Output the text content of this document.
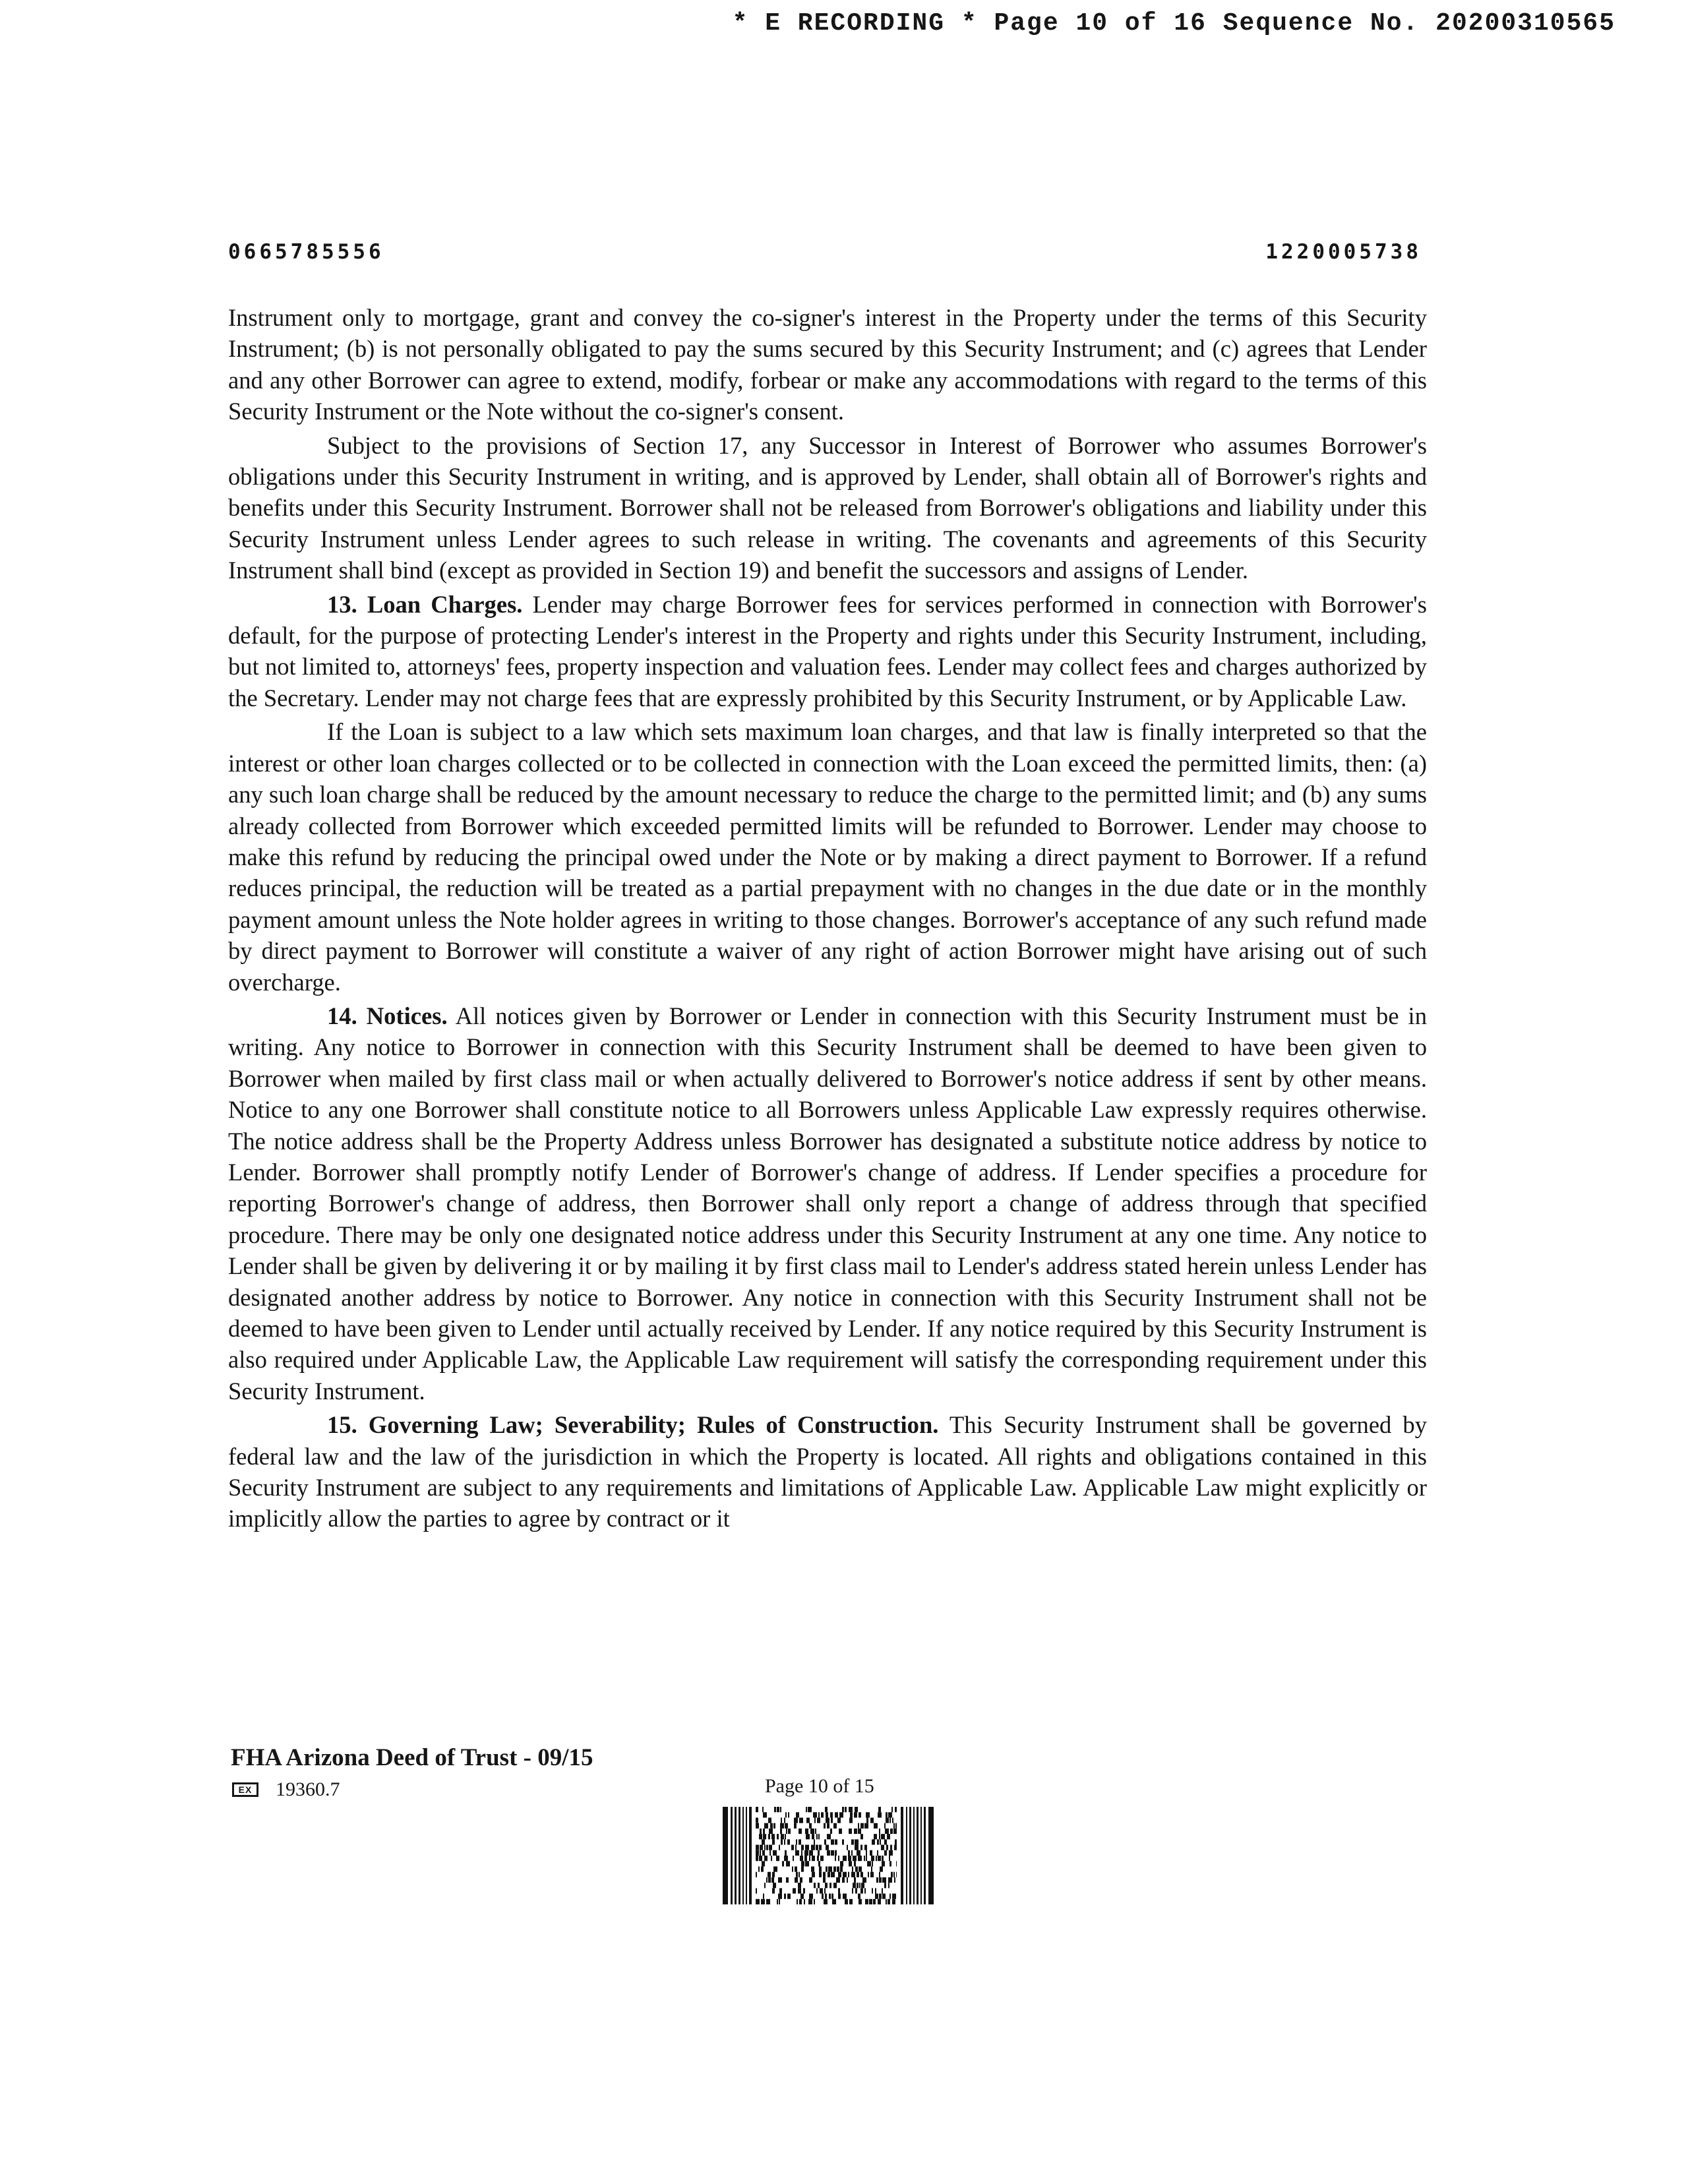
* E RECORDING * Page 10 of 16 Sequence No. 20200310565
0665785556	1220005738

Instrument only to mortgage, grant and convey the co-signer's interest in the Property under the terms of this Security Instrument; (b) is not personally obligated to pay the sums secured by this Security Instrument; and (c) agrees that Lender and any other Borrower can agree to extend, modify, forbear or make any accommodations with regard to the terms of this Security Instrument or the Note without the co-signer's consent.

Subject to the provisions of Section 17, any Successor in Interest of Borrower who assumes Borrower's obligations under this Security Instrument in writing, and is approved by Lender, shall obtain all of Borrower's rights and benefits under this Security Instrument. Borrower shall not be released from Borrower's obligations and liability under this Security Instrument unless Lender agrees to such release in writing. The covenants and agreements of this Security Instrument shall bind (except as provided in Section 19) and benefit the successors and assigns of Lender.

13. Loan Charges. Lender may charge Borrower fees for services performed in connection with Borrower's default, for the purpose of protecting Lender's interest in the Property and rights under this Security Instrument, including, but not limited to, attorneys' fees, property inspection and valuation fees. Lender may collect fees and charges authorized by the Secretary. Lender may not charge fees that are expressly prohibited by this Security Instrument, or by Applicable Law.

If the Loan is subject to a law which sets maximum loan charges, and that law is finally interpreted so that the interest or other loan charges collected or to be collected in connection with the Loan exceed the permitted limits, then: (a) any such loan charge shall be reduced by the amount necessary to reduce the charge to the permitted limit; and (b) any sums already collected from Borrower which exceeded permitted limits will be refunded to Borrower. Lender may choose to make this refund by reducing the principal owed under the Note or by making a direct payment to Borrower. If a refund reduces principal, the reduction will be treated as a partial prepayment with no changes in the due date or in the monthly payment amount unless the Note holder agrees in writing to those changes. Borrower's acceptance of any such refund made by direct payment to Borrower will constitute a waiver of any right of action Borrower might have arising out of such overcharge.

14. Notices. All notices given by Borrower or Lender in connection with this Security Instrument must be in writing. Any notice to Borrower in connection with this Security Instrument shall be deemed to have been given to Borrower when mailed by first class mail or when actually delivered to Borrower's notice address if sent by other means. Notice to any one Borrower shall constitute notice to all Borrowers unless Applicable Law expressly requires otherwise. The notice address shall be the Property Address unless Borrower has designated a substitute notice address by notice to Lender. Borrower shall promptly notify Lender of Borrower's change of address. If Lender specifies a procedure for reporting Borrower's change of address, then Borrower shall only report a change of address through that specified procedure. There may be only one designated notice address under this Security Instrument at any one time. Any notice to Lender shall be given by delivering it or by mailing it by first class mail to Lender's address stated herein unless Lender has designated another address by notice to Borrower. Any notice in connection with this Security Instrument shall not be deemed to have been given to Lender until actually received by Lender. If any notice required by this Security Instrument is also required under Applicable Law, the Applicable Law requirement will satisfy the corresponding requirement under this Security Instrument.

15. Governing Law; Severability; Rules of Construction. This Security Instrument shall be governed by federal law and the law of the jurisdiction in which the Property is located. All rights and obligations contained in this Security Instrument are subject to any requirements and limitations of Applicable Law. Applicable Law might explicitly or implicitly allow the parties to agree by contract or it

FHA Arizona Deed of Trust - 09/15
EX	19360.7	Page 10 of 15
